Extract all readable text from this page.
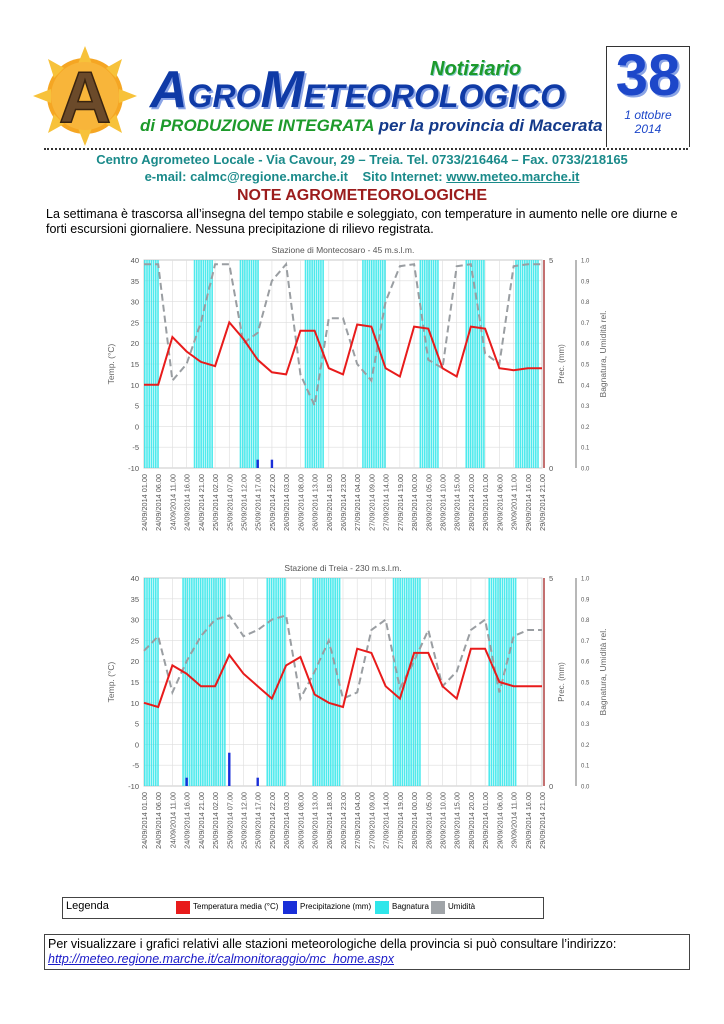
A AGROMETEOROLOGICO
Notiziario
di PRODUZIONE INTEGRATA per la provincia di Macerata
38
1 ottobre
2014
Centro Agrometeo Locale - Via Cavour, 29 – Treia. Tel. 0733/216464 – Fax. 0733/218165
e-mail: calmc@regione.marche.it Sito Internet: www.meteo.marche.it
NOTE AGROMETEOROLOGICHE
La settimana è trascorsa all’insegna del tempo stabile e soleggiato, con temperature in aumento nelle ore diurne e forti escursioni giornaliere. Nessuna precipitazione di rilievo registrata.
Stazione di Montecosaro - 45 m.s.l.m.
40
35
30
25
20
15
10
5
0
-5
-10
Temp. (°C)
5
0
Prec. (mm)
1.0
0.9
0.8
0.7
0.6
0.5
0.4
0.3
0.2
0.1
0.0
Bagnatura, Umidità rel.
24/09/2014 01.00 24/09/2014 06.00 24/09/2014 11.00 24/09/2014 16.00 24/09/2014 21.00 25/09/2014 02.00 25/09/2014 07.00 25/09/2014 12.00 25/09/2014 17.00 25/09/2014 22.00 26/09/2014 03.00 26/09/2014 08.00 26/09/2014 13.00 26/09/2014 18.00 26/09/2014 23.00 27/09/2014 04.00 27/09/2014 09.00 27/09/2014 14.00 27/09/2014 19.00 28/09/2014 00.00 28/09/2014 05.00 28/09/2014 10.00 28/09/2014 15.00 28/09/2014 20.00 29/09/2014 01.00 29/09/2014 06.00 29/09/2014 11.00 29/09/2014 16.00 29/09/2014 21.00
Stazione di Treia - 230 m.s.l.m.
40
35
30
25
20
15
10
5
0
-5
-10
Temp. (°C)
5
0
Prec. (mm)
1.0
0.9
0.8
0.7
0.6
0.5
0.4
0.3
0.2
0.1
0.0
Bagnatura, Umidità rel.
24/09/2014 01.00 24/09/2014 06.00 24/09/2014 11.00 24/09/2014 16.00 24/09/2014 21.00 25/09/2014 02.00 25/09/2014 07.00 25/09/2014 12.00 25/09/2014 17.00 25/09/2014 22.00 26/09/2014 03.00 26/09/2014 08.00 26/09/2014 13.00 26/09/2014 18.00 26/09/2014 23.00 27/09/2014 04.00 27/09/2014 09.00 27/09/2014 14.00 27/09/2014 19.00 28/09/2014 00.00 28/09/2014 05.00 28/09/2014 10.00 28/09/2014 15.00 28/09/2014 20.00 29/09/2014 01.00 29/09/2014 06.00 29/09/2014 11.00 29/09/2014 16.00 29/09/2014 21.00
Legenda	Temperatura media (°C)	Precipitazione (mm)	Bagnatura Umidità
Per visualizzare i grafici relativi alle stazioni meteorologiche della provincia si può consultare l’indirizzo:
http://meteo.regione.marche.it/calmonitoraggio/mc_home.aspx
